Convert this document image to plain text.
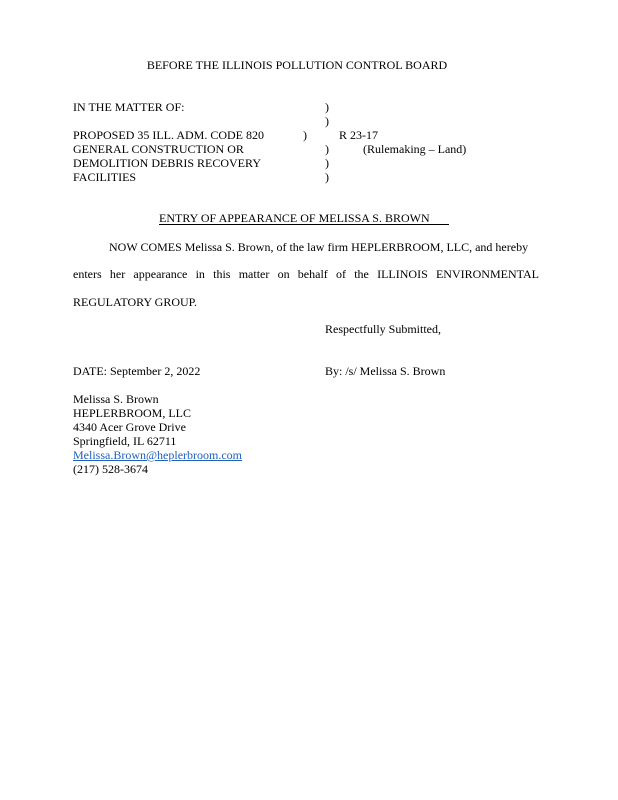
BEFORE THE ILLINOIS POLLUTION CONTROL BOARD
IN THE MATTER OF:	)
)
PROPOSED 35 ILL. ADM. CODE 820	)	R 23-17
GENERAL CONSTRUCTION OR	)	(Rulemaking – Land)
DEMOLITION DEBRIS RECOVERY	)
FACILITIES	)
ENTRY OF APPEARANCE OF MELISSA S. BROWN
NOW COMES Melissa S. Brown, of the law firm HEPLERBROOM, LLC, and hereby
enters her appearance in this matter on behalf of the ILLINOIS ENVIRONMENTAL
REGULATORY GROUP.
Respectfully Submitted,
DATE: September 2, 2022	By: /s/ Melissa S. Brown
Melissa S. Brown
HEPLERBROOM, LLC
4340 Acer Grove Drive
Springfield, IL 62711
Melissa.Brown@heplerbroom.com
(217) 528-3674
